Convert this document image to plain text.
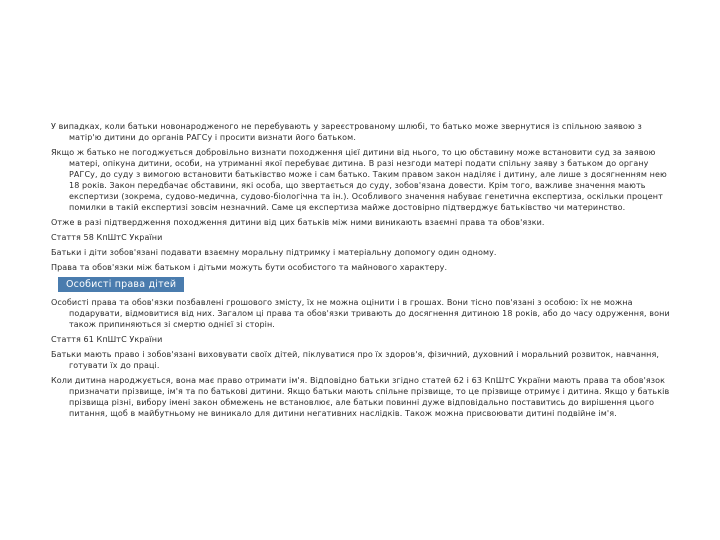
У випадках, коли батьки новонародженого не перебувають у зареєстрованому шлюбі, то батько може звернутися із спільною заявою з матір'ю дитини до органів РАГСу і просити визнати його батьком.

Якщо ж батько не погоджується добровільно визнати походження цієї дитини від нього, то цю обставину може встановити суд за заявою матері, опікуна дитини, особи, на утриманні якої перебуває дитина. В разі незгоди матері подати спільну заяву з батьком до органу РАГСу, до суду з вимогою встановити батьківство може і сам батько. Таким правом закон наділяє і дитину, але лише з досягненням нею 18 років. Закон передбачає обставини, які особа, що звертається до суду, зобов'язана довести. Крім того, важливе значення мають експертизи (зокрема, судово-медична, судово-біологічна та ін.). Особливого значення набуває генетична експертиза, оскільки процент помилки в такій експертизі зовсім незначний. Саме ця експертиза майже достовірно підтверджує батьківство чи материнство.

Отже в разі підтвердження походження дитини від цих батьків між ними виникають взаємні права та обов'язки.

Стаття 58 КпШтС України

Батьки і діти зобов'язані подавати взаємну моральну підтримку і матеріальну допомогу один одному.

Права та обов'язки між батьком і дітьми можуть бути особистого та майнового характеру.

Особисті права дітей

Особисті права та обов'язки позбавлені грошового змісту, їх не можна оцінити і в грошах. Вони тісно пов'язані з особою: їх не можна подарувати, відмовитися від них. Загалом ці права та обов'язки тривають до досягнення дитиною 18 років, або до часу одруження, вони також припиняються зі смертю однієї зі сторін.

Стаття 61 КпШтС України

Батьки мають право і зобов'язані виховувати своїх дітей, піклуватися про їх здоров'я, фізичний, духовний і моральний розвиток, навчання, готувати їх до праці.

Коли дитина народжується, вона має право отримати ім'я. Відповідно батьки згідно статей 62 і 63 КпШтС України мають права та обов'язок призначати прізвище, ім'я та по батькові дитини. Якщо батьки мають спільне прізвище, то це прізвище отримує і дитина. Якщо у батьків прізвища різні, вибору імені закон обмежень не встановлює, але батьки повинні дуже відповідально поставитись до вирішення цього питання, щоб в майбутньому не виникало для дитини негативних наслідків. Також можна присвоювати дитині подвійне ім'я.
